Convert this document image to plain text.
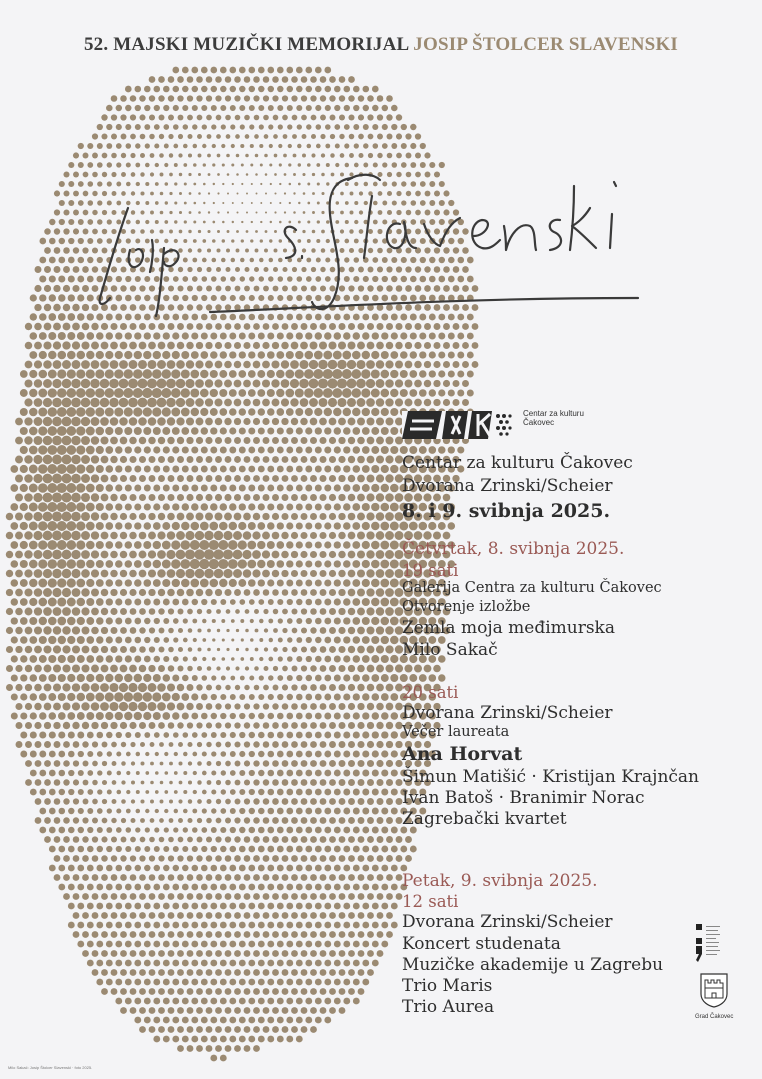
52. MAJSKI MUZIČKI MEMORIJAL JOSIP ŠTOLCER SLAVENSKI
Centar za kulturu
Čakovec

Centar za kulturu Čakovec

Dvorana Zrinski/Scheier

8. i 9. svibnja 2025.

Četvrtak, 8. svibnja 2025.

19 sati

Galerija Centra za kulturu Čakovec

Otvorenje izložbe

Zemla moja međimurska

Milo Sakač

20 sati

Dvorana Zrinski/Scheier

Večer laureata

Ana Horvat

Šimun Matišić · Kristijan Krajnčan

Ivan Batoš · Branimir Norac

Zagrebački kvartet

Petak, 9. svibnja 2025.

12 sati

Dvorana Zrinski/Scheier

Koncert studenata

Muzičke akademije u Zagrebu

Trio Maris

Trio Aurea	Grad Čakovec
Milo Sakač: Josip Štolcer Slavenski · foto 2025.
